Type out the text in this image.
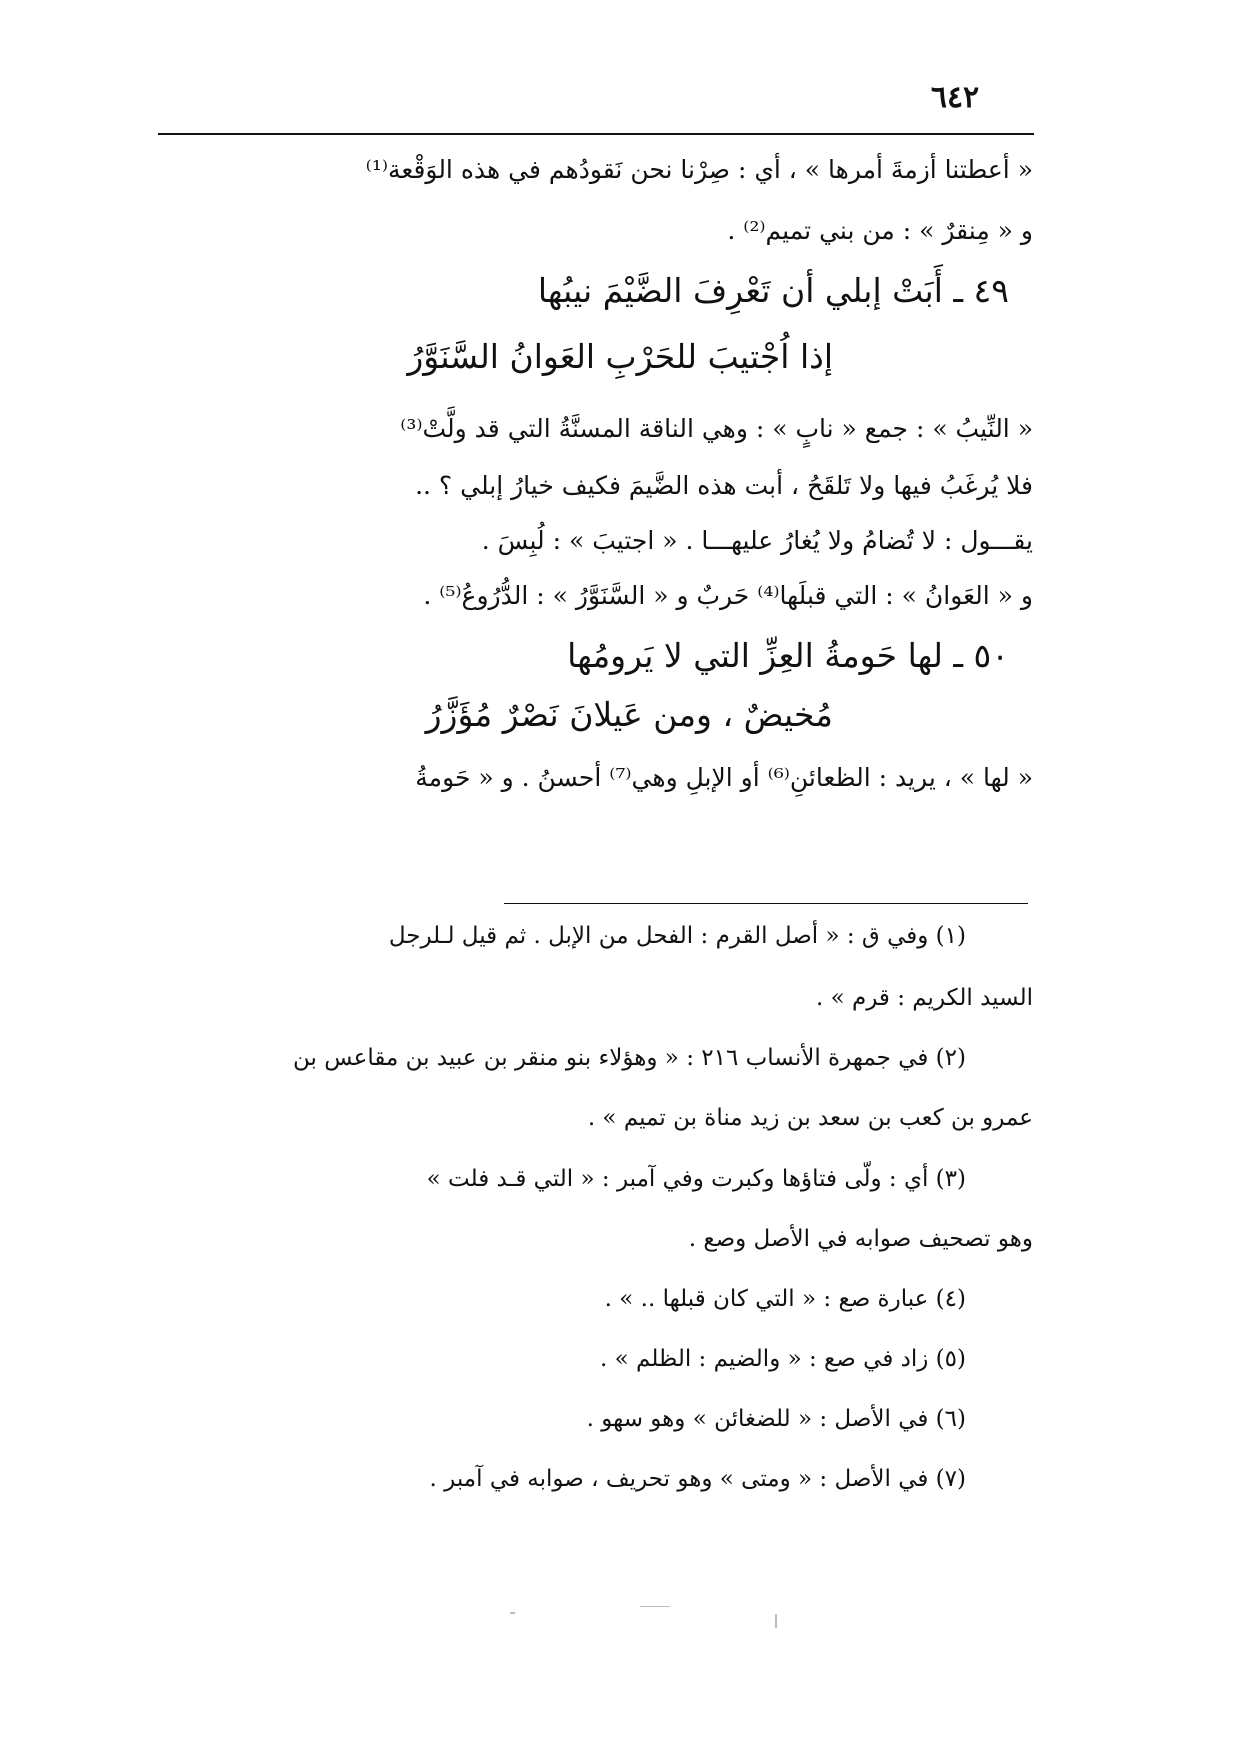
٦٤٢
« أعطتنا أزمةَ أمرها » ، أي : صِرْنا نحن نَقودُهم في هذه الوَقْعة⁽¹⁾
و « مِنقرٌ » : من بني تميم⁽²⁾ .
٤٩ ـ أَبَتْ إبلي أن تَعْرِفَ الضَّيْمَ نيبُها
إذا اُجْتيبَ للحَرْبِ العَوانُ السَّنَوَّرُ
« النِّيبُ » : جمع « نابٍ » : وهي الناقة المسنَّةُ التي قد ولَّتْ⁽³⁾
فلا يُرغَبُ فيها ولا تَلقَحُ ، أبت هذه الضَّيمَ فكيف خيارُ إبلي ؟ ..
يقـــول : لا تُضامُ ولا يُغارُ عليهـــا . « اجتيبَ » : لُبِسَ .
و « العَوانُ » : التي قبلَها⁽⁴⁾ حَربٌ و « السَّنَوَّرُ » : الدُّرُوعُ⁽⁵⁾ .
٥٠ ـ لها حَومةُ العِزِّ التي لا يَرومُها
مُخيضٌ ، ومن عَيلانَ نَصْرٌ مُؤَزَّرُ
« لها » ، يريد : الظعائنِ⁽⁶⁾ أو الإبلِ وهي⁽⁷⁾ أحسنُ . و « حَومةُ
(١) وفي ق : « أصل القرم : الفحل من الإبل . ثم قيل لـلرجل
السيد الكريم : قرم » .
(٢) في جمهرة الأنساب ٢١٦ : « وهؤلاء بنو منقر بن عبيد بن مقاعس بن
عمرو بن كعب بن سعد بن زيد مناة بن تميم » .
(٣) أي : ولّى فتاؤها وكبرت وفي آمبر : « التي قـد فلت »
وهو تصحيف صوابه في الأصل وصع .
(٤) عبارة صع : « التي كان قبلها .. » .
(٥) زاد في صع : « والضيم : الظلم » .
(٦) في الأصل : « للضغائن » وهو سهو .
(٧) في الأصل : « ومتى » وهو تحريف ، صوابه في آمبر .
